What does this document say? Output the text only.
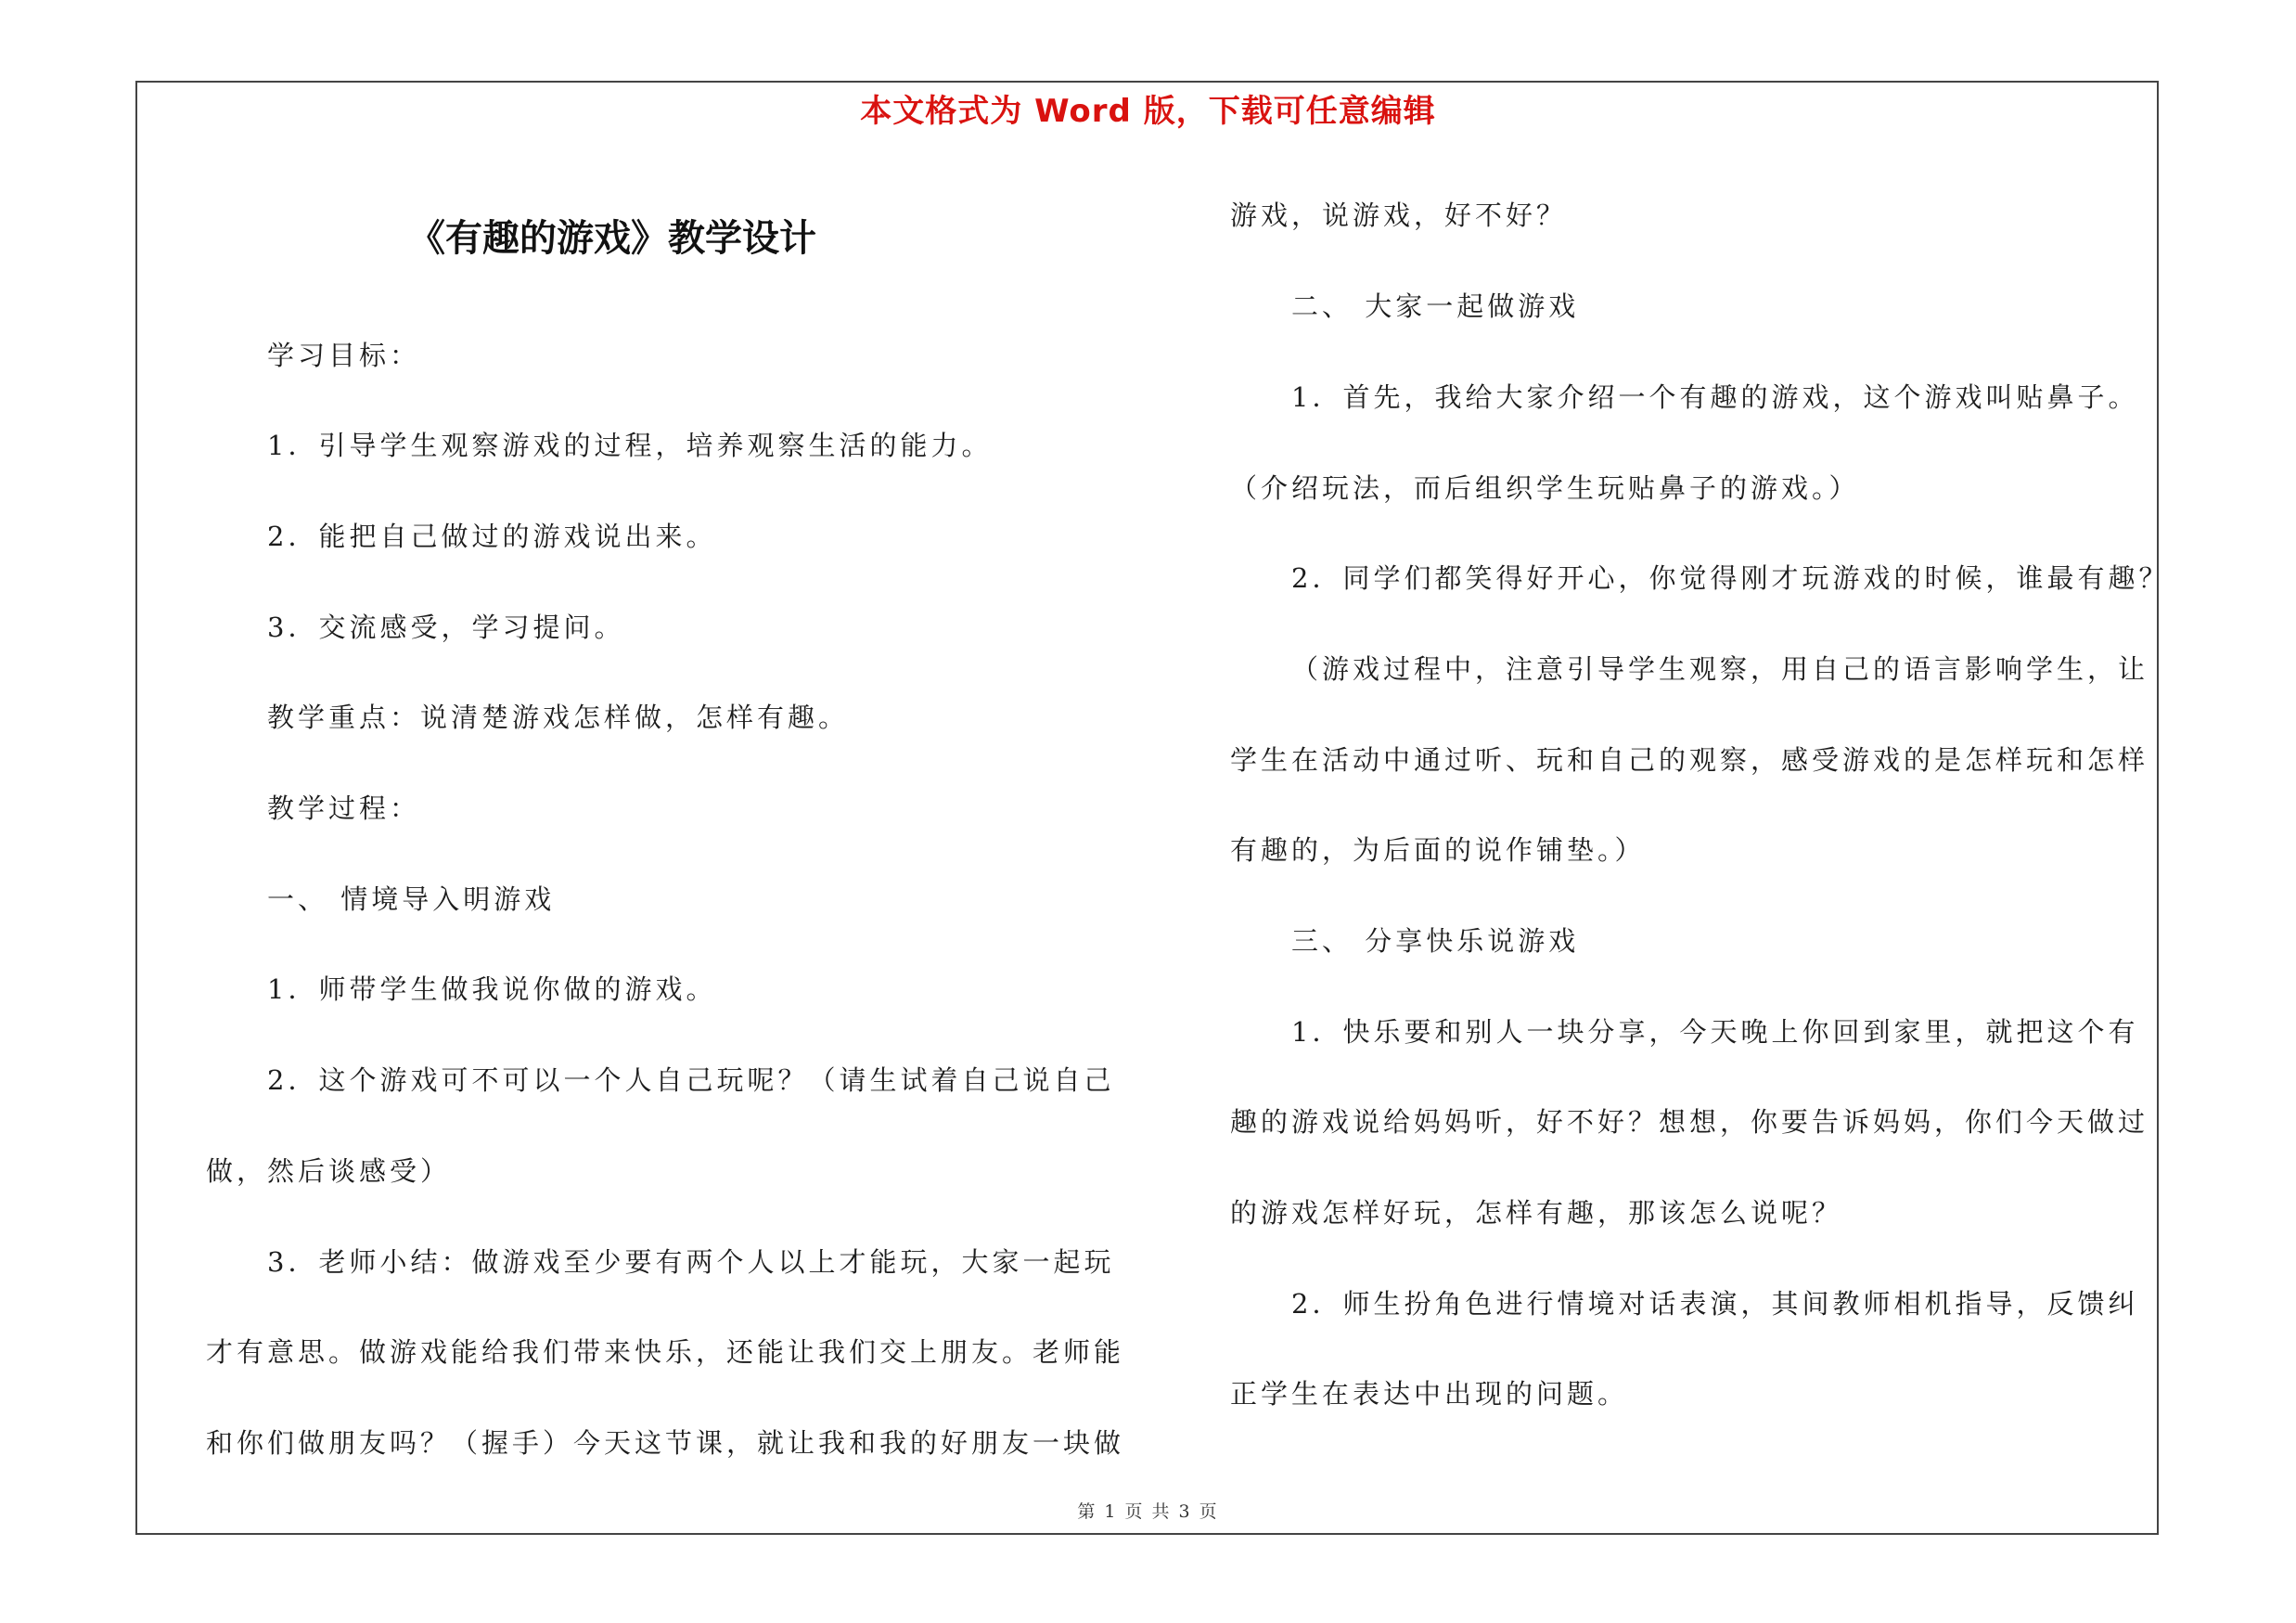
本文格式为 Word 版，下载可任意编辑
《有趣的游戏》教学设计
学习目标：
1．引导学生观察游戏的过程，培养观察生活的能力。
2．能把自己做过的游戏说出来。
3．交流感受，学习提问。
教学重点：说清楚游戏怎样做，怎样有趣。
教学过程：
一、 情境导入明游戏
1．师带学生做我说你做的游戏。
2．这个游戏可不可以一个人自己玩呢？（请生试着自己说自己
做，然后谈感受）
3．老师小结：做游戏至少要有两个人以上才能玩，大家一起玩
才有意思。做游戏能给我们带来快乐，还能让我们交上朋友。老师能
和你们做朋友吗？（握手）今天这节课，就让我和我的好朋友一块做
游戏，说游戏，好不好？
二、 大家一起做游戏
1．首先，我给大家介绍一个有趣的游戏，这个游戏叫贴鼻子。
（介绍玩法，而后组织学生玩贴鼻子的游戏。）
2．同学们都笑得好开心，你觉得刚才玩游戏的时候，谁最有趣？
（游戏过程中，注意引导学生观察，用自己的语言影响学生，让
学生在活动中通过听、玩和自己的观察，感受游戏的是怎样玩和怎样
有趣的，为后面的说作铺垫。）
三、 分享快乐说游戏
1．快乐要和别人一块分享，今天晚上你回到家里，就把这个有
趣的游戏说给妈妈听，好不好？想想，你要告诉妈妈，你们今天做过
的游戏怎样好玩，怎样有趣，那该怎么说呢？
2．师生扮角色进行情境对话表演，其间教师相机指导，反馈纠
正学生在表达中出现的问题。
第 1 页 共 3 页
